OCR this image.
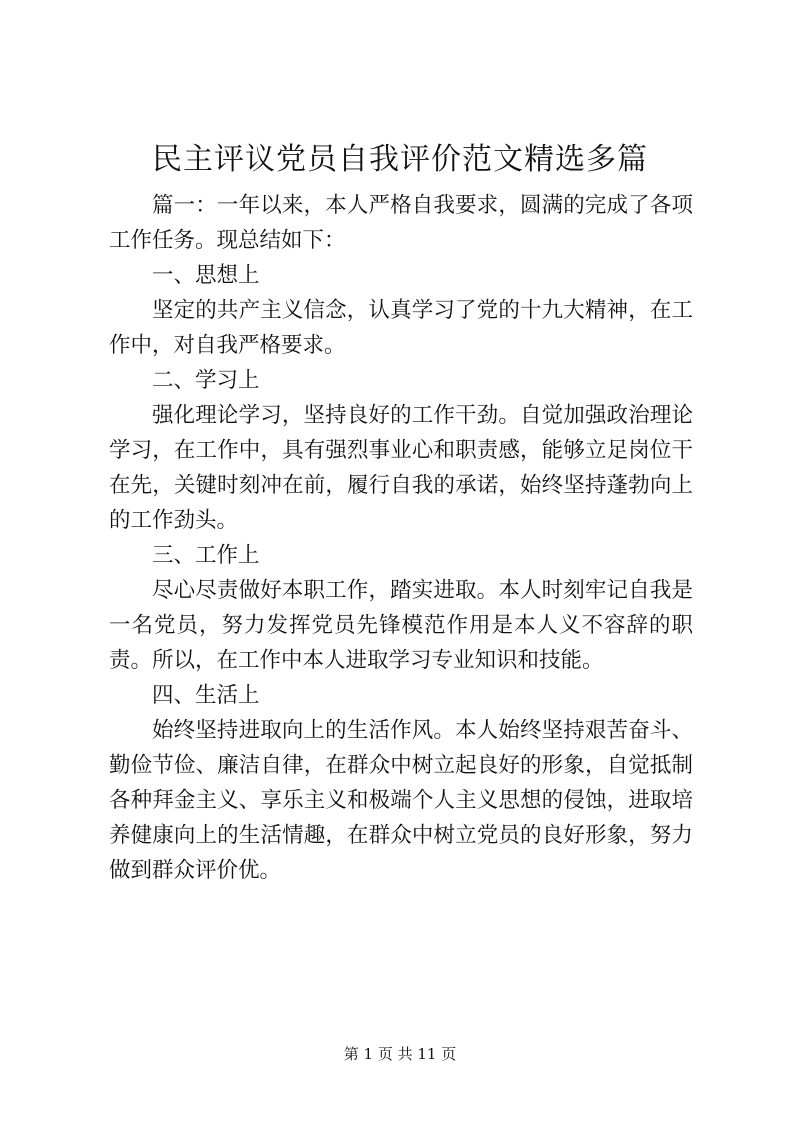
民主评议党员自我评价范文精选多篇

篇一：一年以来，本人严格自我要求，圆满的完成了各项工作任务。现总结如下：

一、思想上

坚定的共产主义信念，认真学习了党的十九大精神，在工作中，对自我严格要求。

二、学习上

强化理论学习，坚持良好的工作干劲。自觉加强政治理论学习，在工作中，具有强烈事业心和职责感，能够立足岗位干在先，关键时刻冲在前，履行自我的承诺，始终坚持蓬勃向上的工作劲头。

三、工作上

尽心尽责做好本职工作，踏实进取。本人时刻牢记自我是一名党员，努力发挥党员先锋模范作用是本人义不容辞的职责。所以，在工作中本人进取学习专业知识和技能。

四、生活上

始终坚持进取向上的生活作风。本人始终坚持艰苦奋斗、勤俭节俭、廉洁自律，在群众中树立起良好的形象，自觉抵制各种拜金主义、享乐主义和极端个人主义思想的侵蚀，进取培养健康向上的生活情趣，在群众中树立党员的良好形象，努力做到群众评价优。

第 1 页 共 11 页
